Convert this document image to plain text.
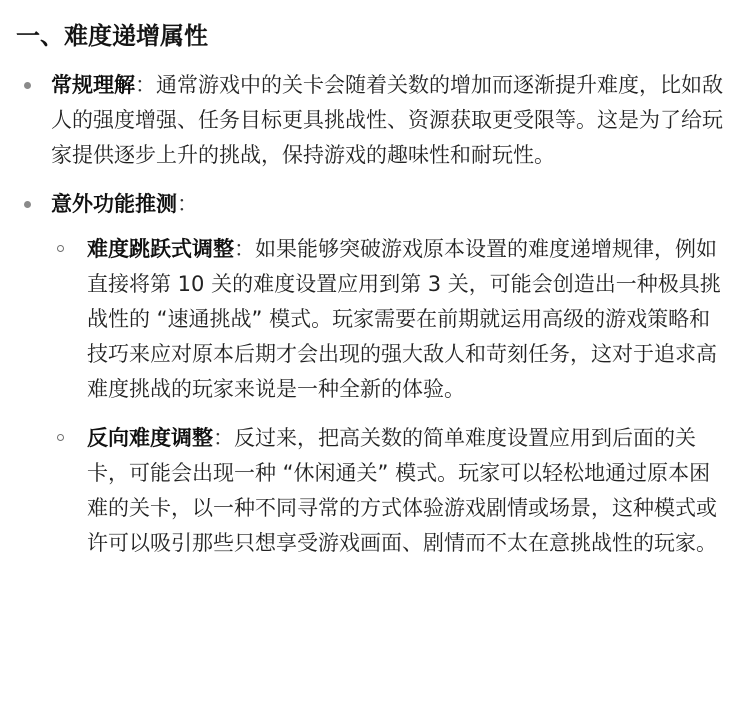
一、难度递增属性
常规理解：通常游戏中的关卡会随着关数的增加而逐渐提升难度，比如敌人的强度增强、任务目标更具挑战性、资源获取更受限等。这是为了给玩家提供逐步上升的挑战，保持游戏的趣味性和耐玩性。
意外功能推测：
难度跳跃式调整：如果能够突破游戏原本设置的难度递增规律，例如直接将第 10 关的难度设置应用到第 3 关，可能会创造出一种极具挑战性的 “速通挑战” 模式。玩家需要在前期就运用高级的游戏策略和技巧来应对原本后期才会出现的强大敌人和苛刻任务，这对于追求高难度挑战的玩家来说是一种全新的体验。
反向难度调整：反过来，把高关数的简单难度设置应用到后面的关卡，可能会出现一种 “休闲通关” 模式。玩家可以轻松地通过原本困难的关卡，以一种不同寻常的方式体验游戏剧情或场景，这种模式或许可以吸引那些只想享受游戏画面、剧情而不太在意挑战性的玩家。
